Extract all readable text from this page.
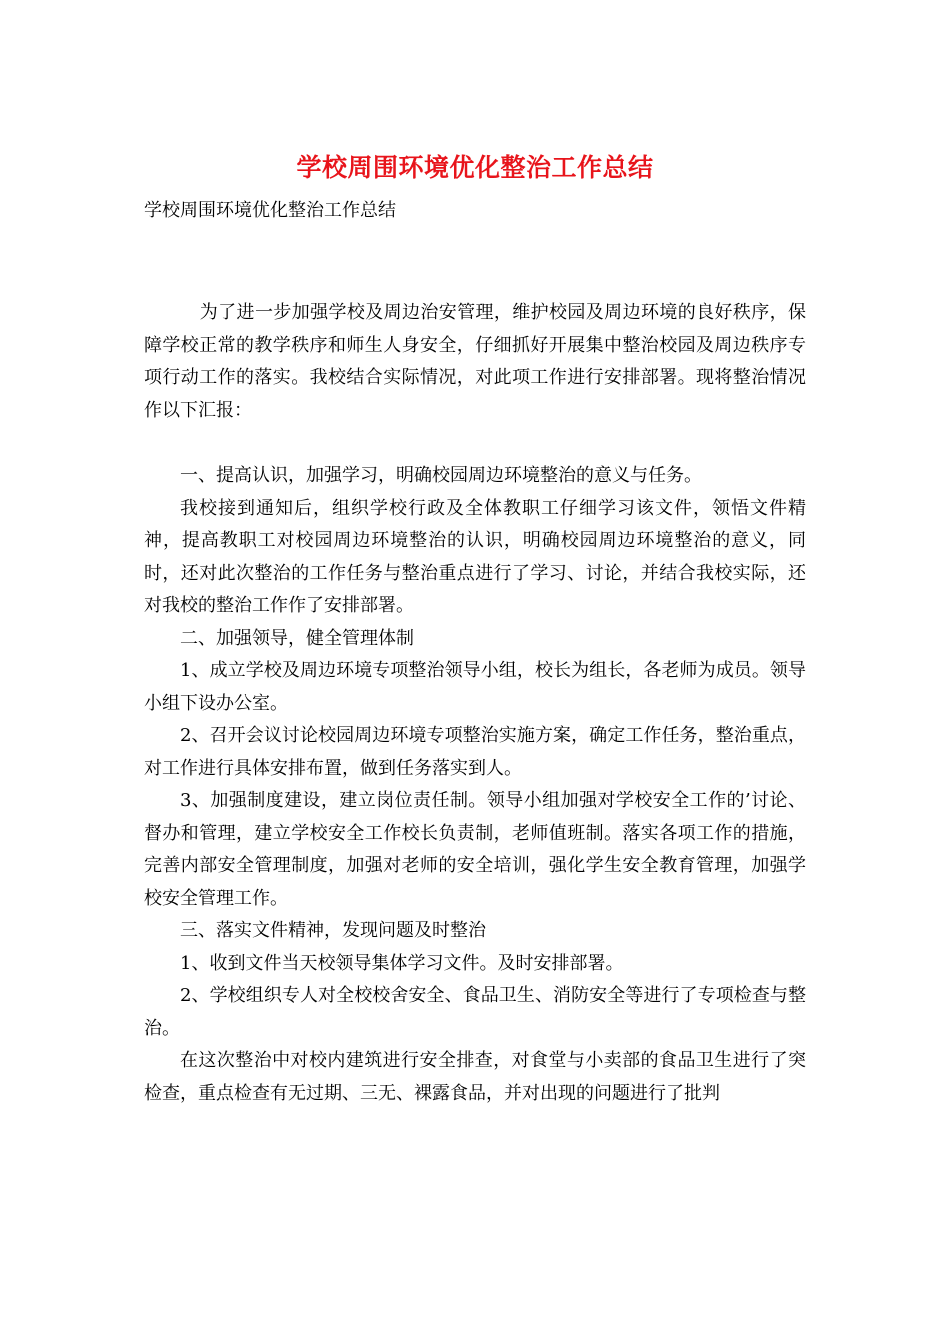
学校周围环境优化整治工作总结
学校周围环境优化整治工作总结

为了进一步加强学校及周边治安管理，维护校园及周边环境的良好秩序，保障学校正常的教学秩序和师生人身安全，仔细抓好开展集中整治校园及周边秩序专项行动工作的落实。我校结合实际情况，对此项工作进行安排部署。现将整治情况作以下汇报：

一、提高认识，加强学习，明确校园周边环境整治的意义与任务。

我校接到通知后，组织学校行政及全体教职工仔细学习该文件，领悟文件精神，提高教职工对校园周边环境整治的认识，明确校园周边环境整治的意义，同时，还对此次整治的工作任务与整治重点进行了学习、讨论，并结合我校实际，还对我校的整治工作作了安排部署。

二、加强领导，健全管理体制

1、成立学校及周边环境专项整治领导小组，校长为组长，各老师为成员。领导小组下设办公室。

2、召开会议讨论校园周边环境专项整治实施方案，确定工作任务，整治重点，对工作进行具体安排布置，做到任务落实到人。

3、加强制度建设，建立岗位责任制。领导小组加强对学校安全工作的’讨论、督办和管理，建立学校安全工作校长负责制，老师值班制。落实各项工作的措施，完善内部安全管理制度，加强对老师的安全培训，强化学生安全教育管理，加强学校安全管理工作。

三、落实文件精神，发现问题及时整治

1、收到文件当天校领导集体学习文件。及时安排部署。

2、学校组织专人对全校校舍安全、食品卫生、消防安全等进行了专项检查与整治。

在这次整治中对校内建筑进行安全排查，对食堂与小卖部的食品卫生进行了突检查，重点检查有无过期、三无、裸露食品，并对出现的问题进行了批判
